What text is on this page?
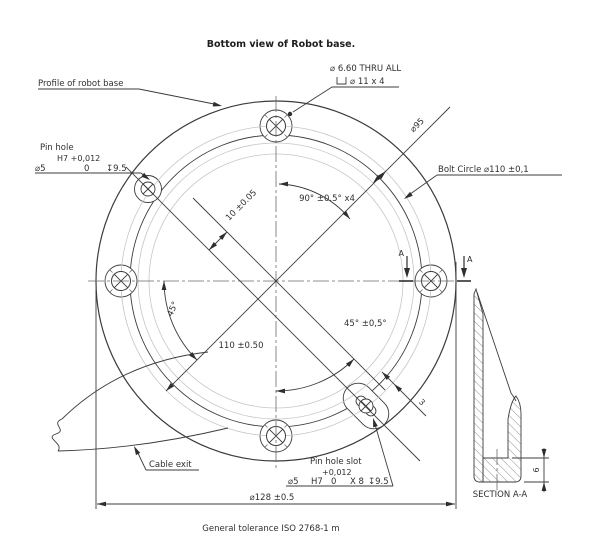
⌀95
110 ±0.50
10 ±0.05	90° ±0.5° x4
45°
45° ±0,5°
3
⌀128 ±0.5
A
A
Profile of robot base
⌀ 6.60 THRU ALL
⌀ 11 x 4
Pin hole
H7 +0,012
⌀5	0 ↧9.5	Bolt Circle ⌀110 ±0,1
Cable exit	Pin hole slot
+0,012
⌀5 H7 0 X 8 ↧9.5
6
SECTION A-A
Bottom view of Robot base.
General tolerance ISO 2768-1 m
